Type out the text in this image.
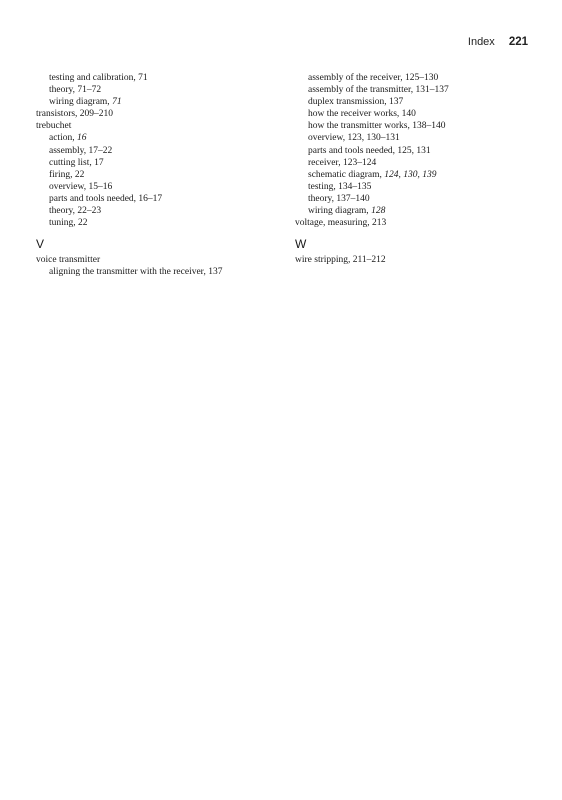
Index 221
testing and calibration, 71
theory, 71–72
wiring diagram, 71
transistors, 209–210
trebuchet
action, 16
assembly, 17–22
cutting list, 17
firing, 22
overview, 15–16
parts and tools needed, 16–17
theory, 22–23
tuning, 22
V
voice transmitter
aligning the transmitter with the receiver, 137
assembly of the receiver, 125–130
assembly of the transmitter, 131–137
duplex transmission, 137
how the receiver works, 140
how the transmitter works, 138–140
overview, 123, 130–131
parts and tools needed, 125, 131
receiver, 123–124
schematic diagram, 124, 130, 139
testing, 134–135
theory, 137–140
wiring diagram, 128
voltage, measuring, 213
W
wire stripping, 211–212
